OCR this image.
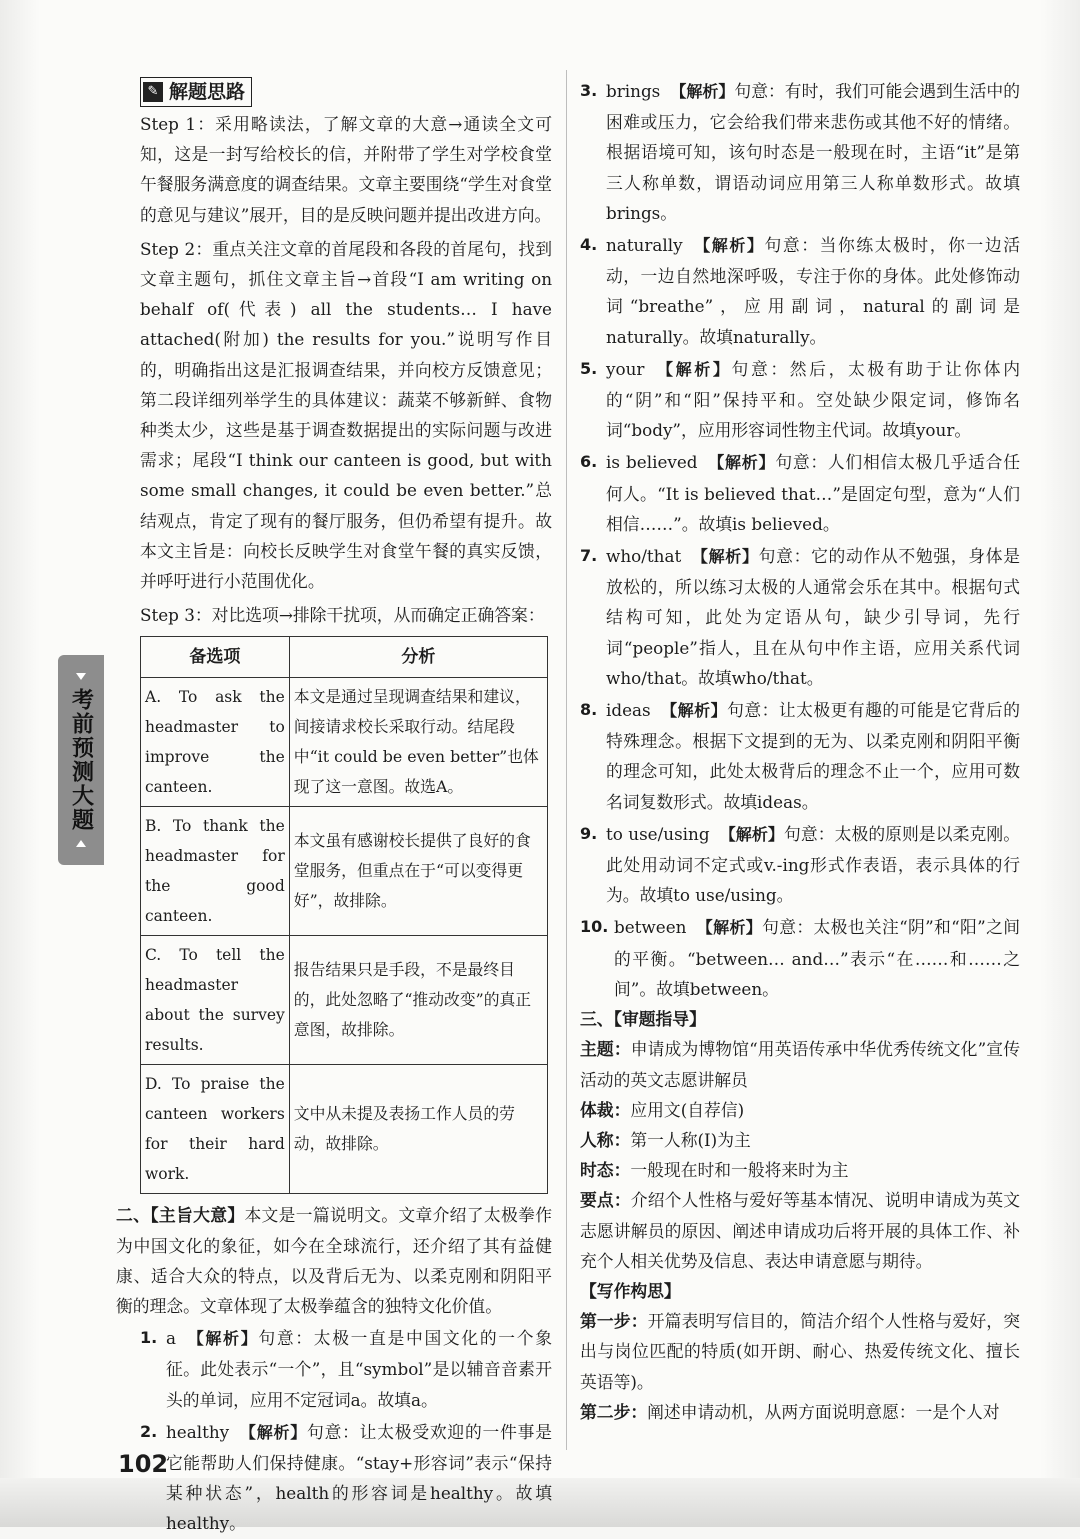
考前预测大题
✎ 解题思路

Step 1：采用略读法，了解文章的大意→通读全文可知，这是一封写给校长的信，并附带了学生对学校食堂午餐服务满意度的调查结果。文章主要围绕“学生对食堂的意见与建议”展开，目的是反映问题并提出改进方向。

Step 2：重点关注文章的首尾段和各段的首尾句，找到文章主题句，抓住文章主旨→首段“I am writing on behalf of(代表) all the students… I have attached(附加) the results for you.”说明写作目的，明确指出这是汇报调查结果，并向校方反馈意见；第二段详细列举学生的具体建议：蔬菜不够新鲜、食物种类太少，这些是基于调查数据提出的实际问题与改进需求；尾段“I think our canteen is good, but with some small changes, it could be even better.”总结观点，肯定了现有的餐厅服务，但仍希望有提升。故本文主旨是：向校长反映学生对食堂午餐的真实反馈，并呼吁进行小范围优化。

Step 3：对比选项→排除干扰项，从而确定正确答案：

备选项	分析
A. To ask the headmaster to improve the canteen.	本文是通过呈现调查结果和建议，间接请求校长采取行动。结尾段中“it could be even better”也体现了这一意图。故选A。
B. To thank the headmaster for the good canteen.	本文虽有感谢校长提供了良好的食堂服务，但重点在于“可以变得更好”，故排除。
C. To tell the headmaster about the survey results.	报告结果只是手段，不是最终目的，此处忽略了“推动改变”的真正意图，故排除。
D. To praise the canteen workers for their hard work.	文中从未提及表扬工作人员的劳动，故排除。

二、【主旨大意】本文是一篇说明文。文章介绍了太极拳作为中国文化的象征，如今在全球流行，还介绍了其有益健康、适合大众的特点，以及背后无为、以柔克刚和阴阳平衡的理念。文章体现了太极拳蕴含的独特文化价值。

1. a 【解析】句意：太极一直是中国文化的一个象征。此处表示“一个”，且“symbol”是以辅音音素开头的单词，应用不定冠词a。故填a。
2. healthy 【解析】句意：让太极受欢迎的一件事是它能帮助人们保持健康。“stay+形容词”表示“保持某种状态”，health的形容词是healthy。故填healthy。
3. brings 【解析】句意：有时，我们可能会遇到生活中的困难或压力，它会给我们带来悲伤或其他不好的情绪。根据语境可知，该句时态是一般现在时，主语“it”是第三人称单数，谓语动词应用第三人称单数形式。故填brings。
4. naturally 【解析】句意：当你练太极时，你一边活动，一边自然地深呼吸，专注于你的身体。此处修饰动词“breathe”，应用副词，natural的副词是naturally。故填naturally。
5. your 【解析】句意：然后，太极有助于让你体内的“阴”和“阳”保持平和。空处缺少限定词，修饰名词“body”，应用形容词性物主代词。故填your。
6. is believed 【解析】句意：人们相信太极几乎适合任何人。“It is believed that…”是固定句型，意为“人们相信……”。故填is believed。
7. who/that 【解析】句意：它的动作从不勉强，身体是放松的，所以练习太极的人通常会乐在其中。根据句式结构可知，此处为定语从句，缺少引导词，先行词“people”指人，且在从句中作主语，应用关系代词who/that。故填who/that。
8. ideas 【解析】句意：让太极更有趣的可能是它背后的特殊理念。根据下文提到的无为、以柔克刚和阴阳平衡的理念可知，此处太极背后的理念不止一个，应用可数名词复数形式。故填ideas。
9. to use/using 【解析】句意：太极的原则是以柔克刚。此处用动词不定式或v.-ing形式作表语，表示具体的行为。故填to use/using。
10. between 【解析】句意：太极也关注“阴”和“阳”之间的平衡。“between… and…”表示“在……和……之间”。故填between。

三、【审题指导】

主题：申请成为博物馆“用英语传承中华优秀传统文化”宣传活动的英文志愿讲解员

体裁：应用文(自荐信)

人称：第一人称(I)为主

时态：一般现在时和一般将来时为主

要点：介绍个人性格与爱好等基本情况、说明申请成为英文志愿讲解员的原因、阐述申请成功后将开展的具体工作、补充个人相关优势及信息、表达申请意愿与期待。

【写作构思】

第一步：开篇表明写信目的，简洁介绍个人性格与爱好，突出与岗位匹配的特质(如开朗、耐心、热爱传统文化、擅长英语等)。

第二步：阐述申请动机，从两方面说明意愿：一是个人对

102
